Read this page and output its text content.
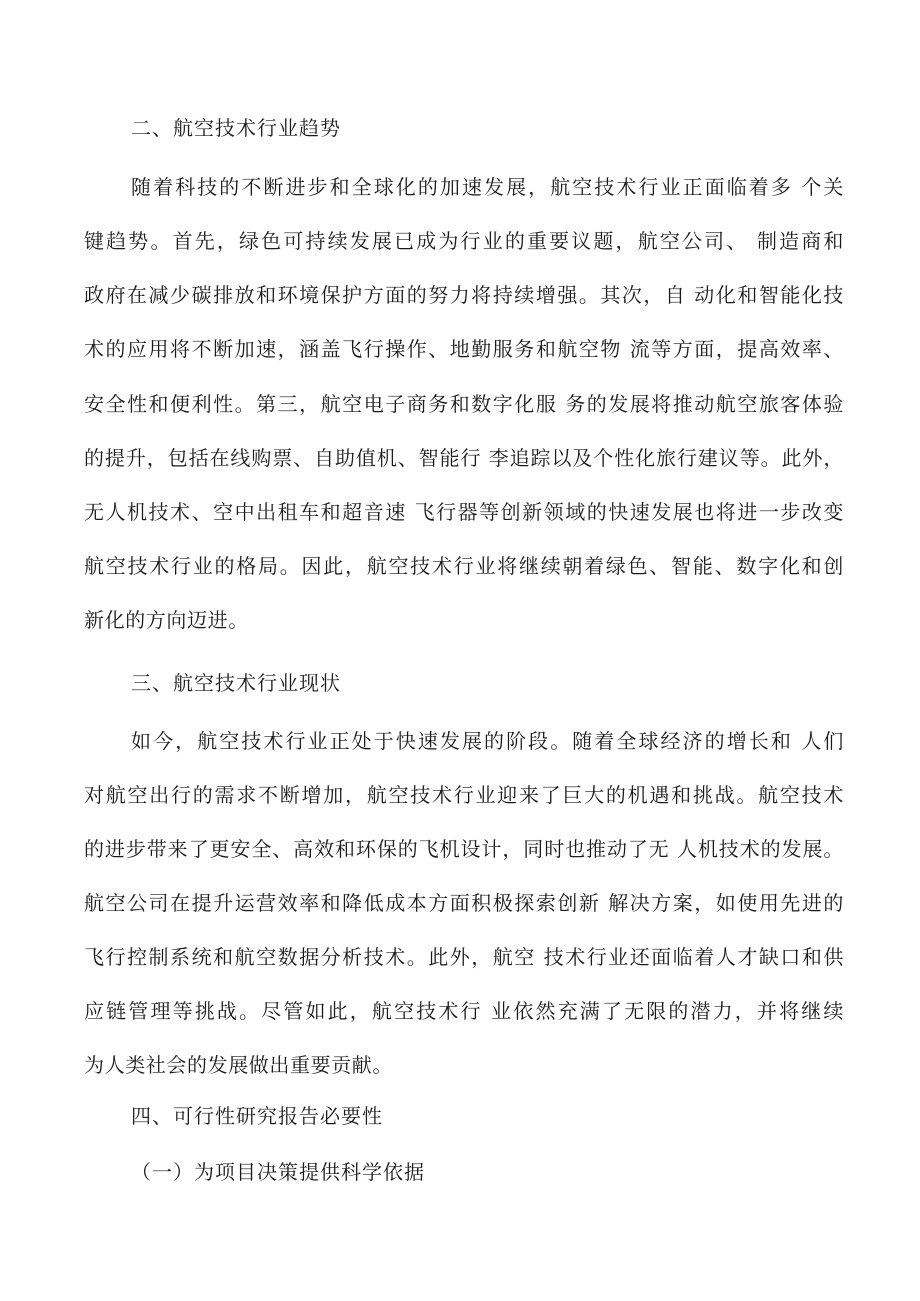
二、航空技术行业趋势
随着科技的不断进步和全球化的加速发展，航空技术行业正面临着多 个关
键趋势。首先，绿色可持续发展已成为行业的重要议题，航空公司、 制造商和
政府在减少碳排放和环境保护方面的努力将持续增强。其次，自 动化和智能化技
术的应用将不断加速，涵盖飞行操作、地勤服务和航空物 流等方面，提高效率、
安全性和便利性。第三，航空电子商务和数字化服 务的发展将推动航空旅客体验
的提升，包括在线购票、自助值机、智能行 李追踪以及个性化旅行建议等。此外，
无人机技术、空中出租车和超音速 飞行器等创新领域的快速发展也将进一步改变
航空技术行业的格局。因此，航空技术行业将继续朝着绿色、智能、数字化和创
新化的方向迈进。
三、航空技术行业现状
如今，航空技术行业正处于快速发展的阶段。随着全球经济的增长和 人们
对航空出行的需求不断增加，航空技术行业迎来了巨大的机遇和挑战。航空技术
的进步带来了更安全、高效和环保的飞机设计，同时也推动了无 人机技术的发展。
航空公司在提升运营效率和降低成本方面积极探索创新 解决方案，如使用先进的
飞行控制系统和航空数据分析技术。此外，航空 技术行业还面临着人才缺口和供
应链管理等挑战。尽管如此，航空技术行 业依然充满了无限的潜力，并将继续
为人类社会的发展做出重要贡献。
四、可行性研究报告必要性
（一）为项目决策提供科学依据
